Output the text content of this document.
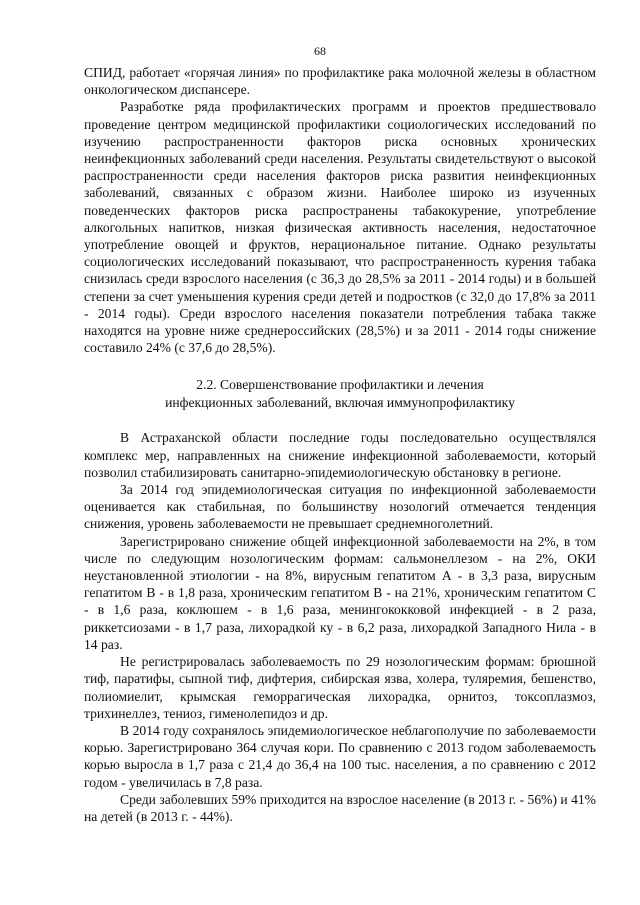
68

СПИД, работает «горячая линия» по профилактике рака молочной железы в областном онкологическом диспансере.

Разработке ряда профилактических программ и проектов предшествовало проведение центром медицинской профилактики социологических исследований по изучению распространенности факторов риска основных хронических неинфекционных заболеваний среди населения. Результаты свидетельствуют о высокой распространенности среди населения факторов риска развития неинфекционных заболеваний, связанных с образом жизни. Наиболее широко из изученных поведенческих факторов риска распространены табакокурение, употребление алкогольных напитков, низкая физическая активность населения, недостаточное употребление овощей и фруктов, нерациональное питание. Однако результаты социологических исследований показывают, что распространенность курения табака снизилась среди взрослого населения (с 36,3 до 28,5% за 2011 - 2014 годы) и в большей степени за счет уменьшения курения среди детей и подростков (с 32,0 до 17,8% за 2011 - 2014 годы). Среди взрослого населения показатели потребления табака также находятся на уровне ниже среднероссийских (28,5%) и за 2011 - 2014 годы снижение составило 24% (с 37,6 до 28,5%).

2.2. Совершенствование профилактики и лечения
инфекционных заболеваний, включая иммунопрофилактику

В Астраханской области последние годы последовательно осуществлялся комплекс мер, направленных на снижение инфекционной заболеваемости, который позволил стабилизировать санитарно-эпидемиологическую обстановку в регионе.

За 2014 год эпидемиологическая ситуация по инфекционной заболеваемости оценивается как стабильная, по большинству нозологий отмечается тенденция снижения, уровень заболеваемости не превышает среднемноголетний.

Зарегистрировано снижение общей инфекционной заболеваемости на 2%, в том числе по следующим нозологическим формам: сальмонеллезом - на 2%, ОКИ неустановленной этиологии - на 8%, вирусным гепатитом А - в 3,3 раза, вирусным гепатитом В - в 1,8 раза, хроническим гепатитом В - на 21%, хроническим гепатитом С - в 1,6 раза, коклюшем - в 1,6 раза, менингококковой инфекцией - в 2 раза, риккетсиозами - в 1,7 раза, лихорадкой ку - в 6,2 раза, лихорадкой Западного Нила - в 14 раз.

Не регистрировалась заболеваемость по 29 нозологическим формам: брюшной тиф, паратифы, сыпной тиф, дифтерия, сибирская язва, холера, туляремия, бешенство, полиомиелит, крымская геморрагическая лихорадка, орнитоз, токсоплазмоз, трихинеллез, тениоз, гименолепидоз и др.

В 2014 году сохранялось эпидемиологическое неблагополучие по заболеваемости корью. Зарегистрировано 364 случая кори. По сравнению с 2013 годом заболеваемость корью выросла в 1,7 раза с 21,4 до 36,4 на 100 тыс. населения, а по сравнению с 2012 годом - увеличилась в 7,8 раза.

Среди заболевших 59% приходится на взрослое население (в 2013 г. - 56%) и 41% на детей (в 2013 г. - 44%).
